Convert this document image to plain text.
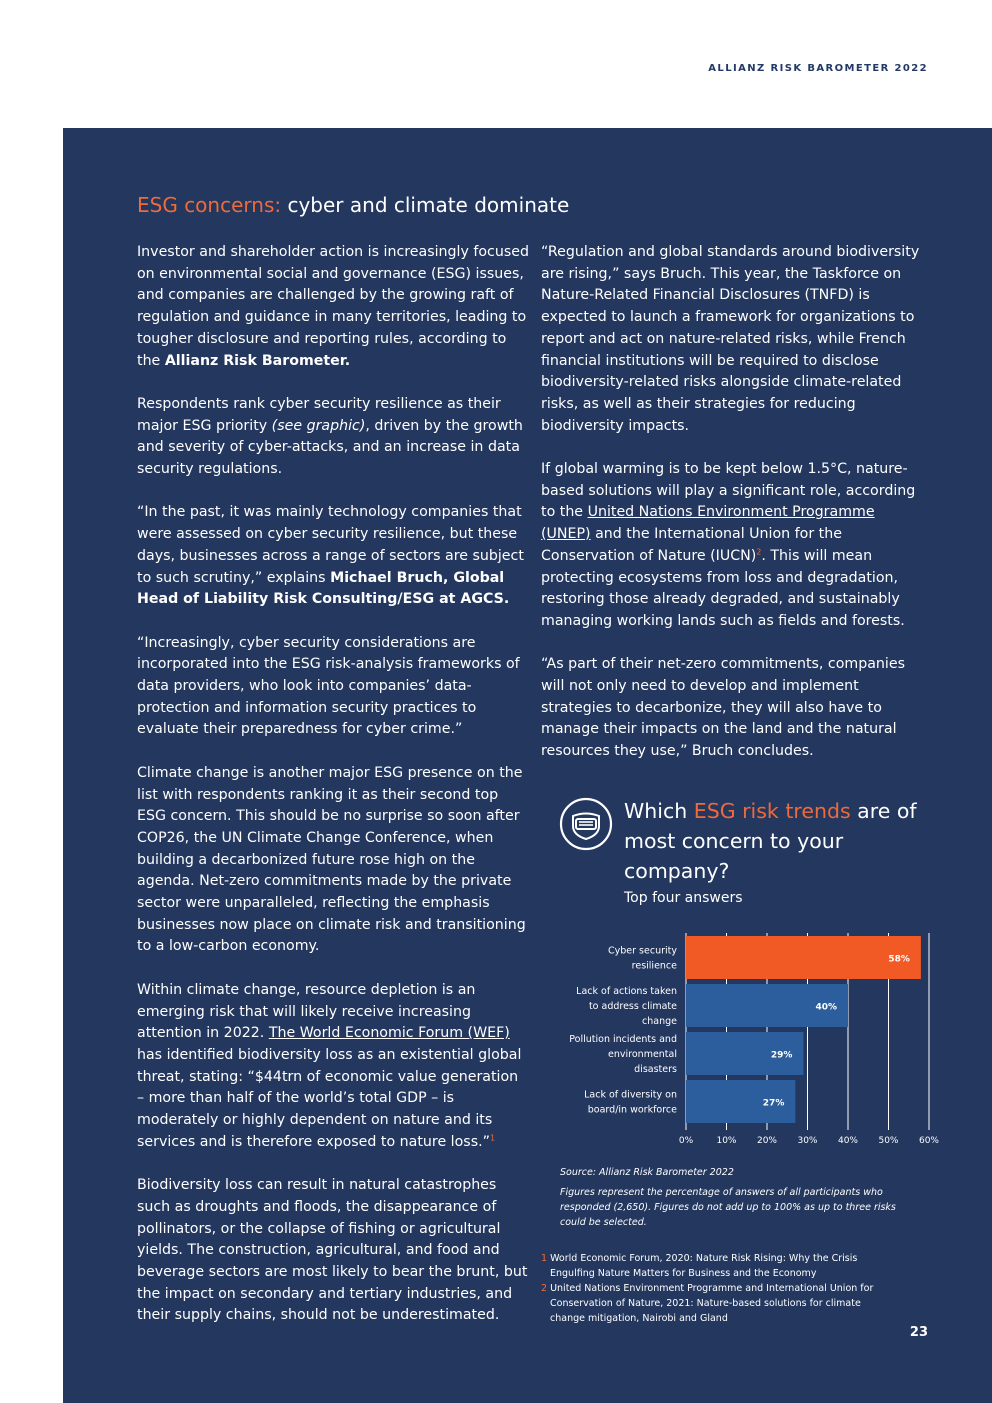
ALLIANZ RISK BAROMETER 2022
ESG concerns: cyber and climate dominate

Investor and shareholder action is increasingly focused on environmental social and governance (ESG) issues, and companies are challenged by the growing raft of regulation and guidance in many territories, leading to tougher disclosure and reporting rules, according to the Allianz Risk Barometer.

Respondents rank cyber security resilience as their major ESG priority (see graphic), driven by the growth and severity of cyber-attacks, and an increase in data security regulations.

“In the past, it was mainly technology companies that were assessed on cyber security resilience, but these days, businesses across a range of sectors are subject to such scrutiny,” explains Michael Bruch, Global Head of Liability Risk Consulting/ESG at AGCS.

“Increasingly, cyber security considerations are incorporated into the ESG risk-analysis frameworks of data providers, who look into companies’ data-protection and information security practices to evaluate their preparedness for cyber crime.”

Climate change is another major ESG presence on the list with respondents ranking it as their second top ESG concern. This should be no surprise so soon after COP26, the UN Climate Change Conference, when building a decarbonized future rose high on the agenda. Net-zero commitments made by the private sector were unparalleled, reflecting the emphasis businesses now place on climate risk and transitioning to a low-carbon economy.

Within climate change, resource depletion is an emerging risk that will likely receive increasing attention in 2022. The World Economic Forum (WEF) has identified biodiversity loss as an existential global threat, stating: “$44trn of economic value generation – more than half of the world’s total GDP – is moderately or highly dependent on nature and its services and is therefore exposed to nature loss.”$^1$

Biodiversity loss can result in natural catastrophes such as droughts and floods, the disappearance of pollinators, or the collapse of fishing or agricultural yields. The construction, agricultural, and food and beverage sectors are most likely to bear the brunt, but the impact on secondary and tertiary industries, and their supply chains, should not be underestimated.

“Regulation and global standards around biodiversity are rising,” says Bruch. This year, the Taskforce on Nature-Related Financial Disclosures (TNFD) is expected to launch a framework for organizations to report and act on nature-related risks, while French financial institutions will be required to disclose biodiversity-related risks alongside climate-related risks, as well as their strategies for reducing biodiversity impacts.

If global warming is to be kept below 1.5°C, nature-based solutions will play a significant role, according to the United Nations Environment Programme (UNEP) and the International Union for the Conservation of Nature (IUCN)$^2$. This will mean protecting ecosystems from loss and degradation, restoring those already degraded, and sustainably managing working lands such as fields and forests.

“As part of their net-zero commitments, companies will not only need to develop and implement strategies to decarbonize, they will also have to manage their impacts on the land and the natural resources they use,” Bruch concludes.

Which ESG risk trends are of most concern to your company?
Top four answers
58%
Cyber security
resilience
40%
Lack of actions taken
to address climate
change
29%
Pollution incidents and
environmental
disasters
27%
Lack of diversity on
board/in workforce
0%	10% 20% 30% 40% 50% 60%
Source: Allianz Risk Barometer 2022
Figures represent the percentage of answers of all participants who responded (2,650). Figures do not add up to 100% as up to three risks could be selected.
1 World Economic Forum, 2020: Nature Risk Rising: Why the Crisis Engulfing Nature Matters for Business and the Economy
2 United Nations Environment Programme and International Union for Conservation of Nature, 2021: Nature-based solutions for climate change mitigation, Nairobi and Gland
23
